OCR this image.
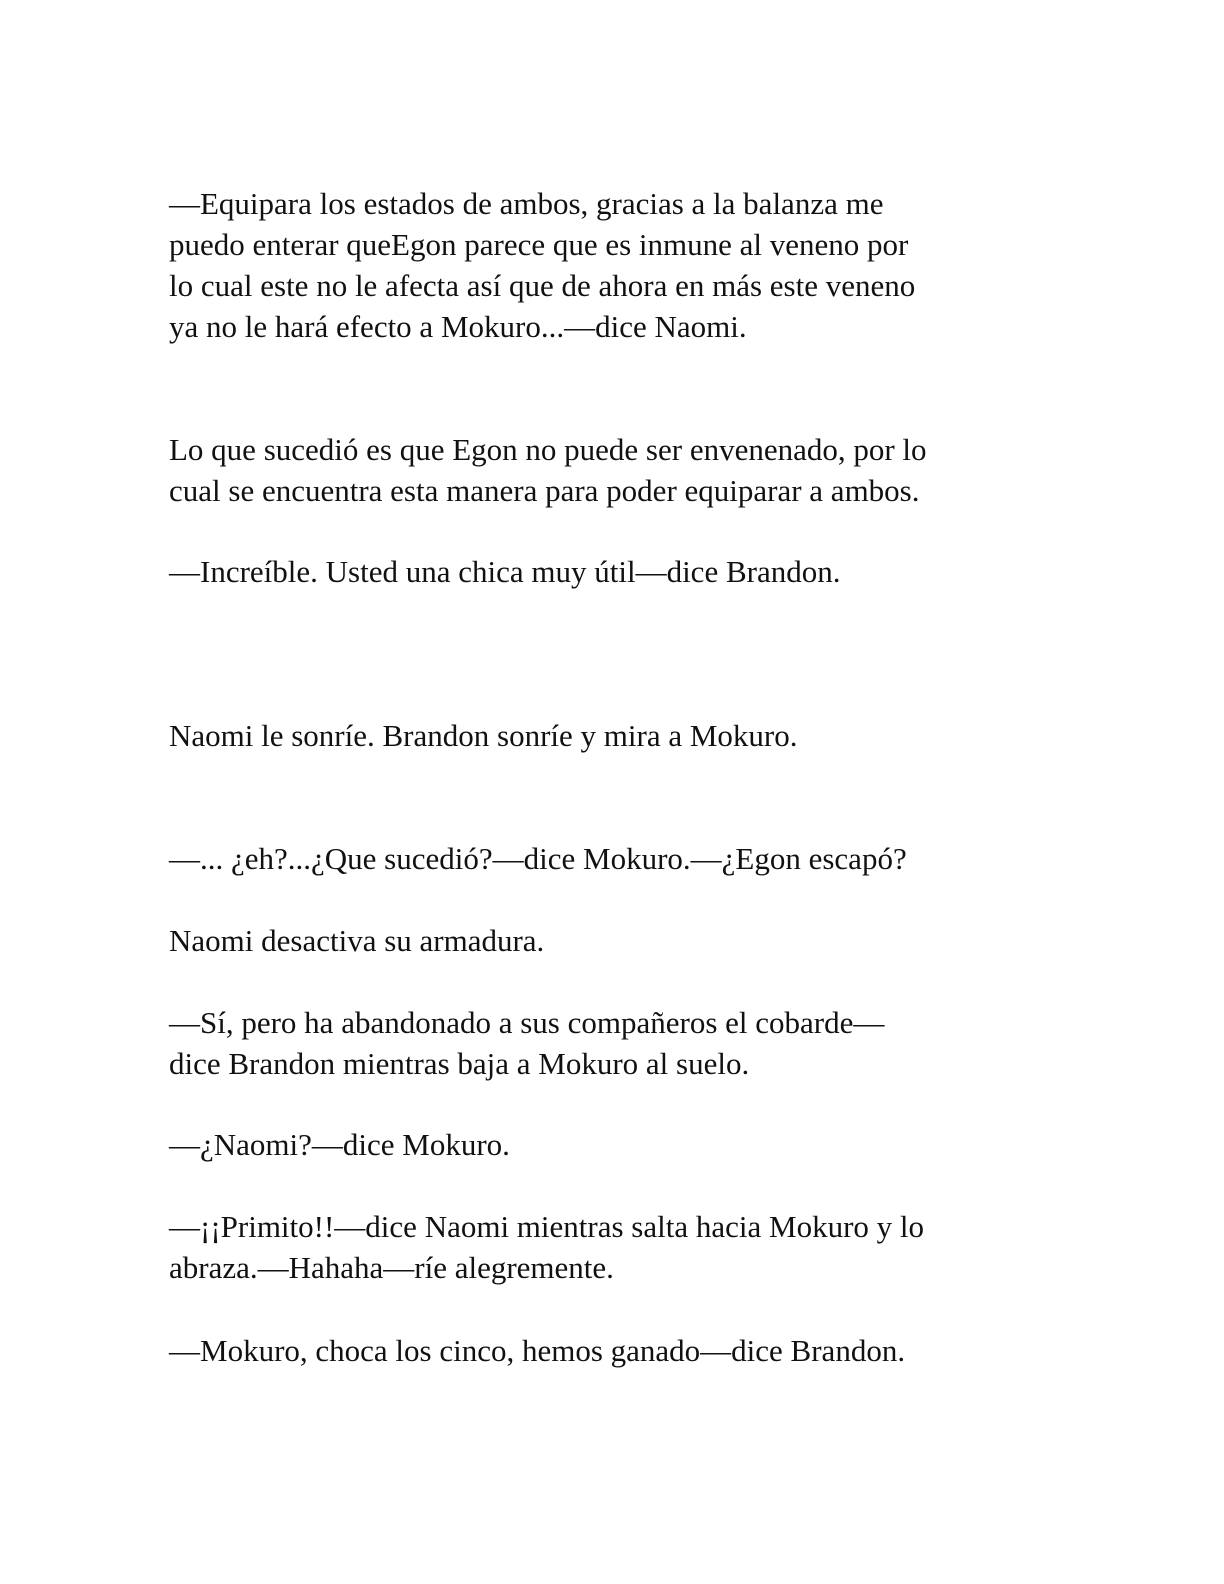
—Equipara los estados de ambos, gracias a la balanza me
puedo enterar queEgon parece que es inmune al veneno por
lo cual este no le afecta así que de ahora en más este veneno
ya no le hará efecto a Mokuro...—dice Naomi.

Lo que sucedió es que Egon no puede ser envenenado, por lo
cual se encuentra esta manera para poder equiparar a ambos.

—Increíble. Usted una chica muy útil—dice Brandon.

Naomi le sonríe. Brandon sonríe y mira a Mokuro.

—... ¿eh?...¿Que sucedió?—dice Mokuro.—¿Egon escapó?

Naomi desactiva su armadura.

—Sí, pero ha abandonado a sus compañeros el cobarde—
dice Brandon mientras baja a Mokuro al suelo.

—¿Naomi?—dice Mokuro.

—¡¡Primito!!—dice Naomi mientras salta hacia Mokuro y lo
abraza.—Hahaha—ríe alegremente.

—Mokuro, choca los cinco, hemos ganado—dice Brandon.
